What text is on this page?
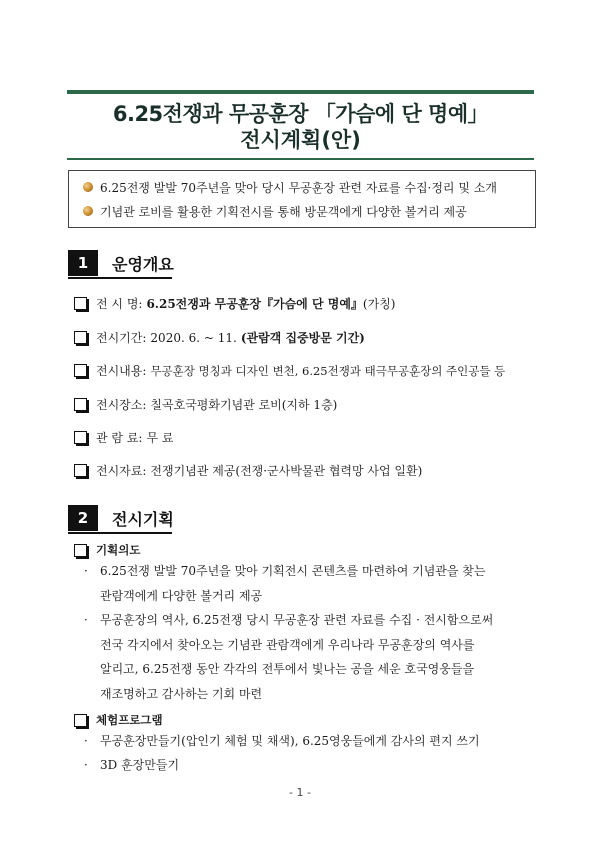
6.25전쟁과 무공훈장 「가슴에 단 명예」
전시계획(안)
6.25전쟁 발발 70주년을 맞아 당시 무공훈장 관련 자료를 수집·정리 및 소개
기념관 로비를 활용한 기획전시를 통해 방문객에게 다양한 볼거리 제공
1	운영개요
전 시 명: 6.25전쟁과 무공훈장『가슴에 단 명예』 (가칭)
전시기간: 2020. 6. ~ 11. (관람객 집중방문 기간)
전시내용: 무공훈장 명칭과 디자인 변천, 6.25전쟁과 태극무공훈장의 주인공들 등
전시장소: 칠곡호국평화기념관 로비(지하 1층)
관 람 료: 무 료
전시자료: 전쟁기념관 제공(전쟁·군사박물관 협력망 사업 일환)
2	전시기획
기획의도
· 6.25전쟁 발발 70주년을 맞아 기획전시 콘텐츠를 마련하여 기념관을 찾는
관람객에게 다양한 볼거리 제공
· 무공훈장의 역사, 6.25전쟁 당시 무공훈장 관련 자료를 수집 · 전시함으로써
전국 각지에서 찾아오는 기념관 관람객에게 우리나라 무공훈장의 역사를
알리고, 6.25전쟁 동안 각각의 전투에서 빛나는 공을 세운 호국영웅들을
재조명하고 감사하는 기회 마련
체험프로그램
· 무공훈장만들기(압인기 체험 및 채색), 6.25영웅들에게 감사의 편지 쓰기
· 3D 훈장만들기
- 1 -
